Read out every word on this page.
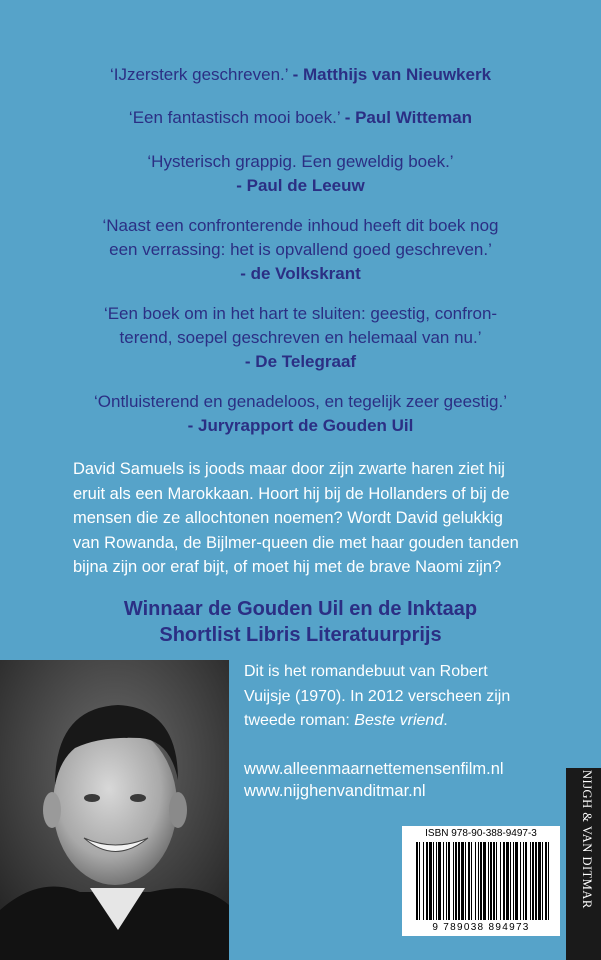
‘IJzersterk geschreven.’ - Matthijs van Nieuwkerk
‘Een fantastisch mooi boek.’ - Paul Witteman
‘Hysterisch grappig. Een geweldig boek.’
- Paul de Leeuw
‘Naast een confronterende inhoud heeft dit boek nog
een verrassing: het is opvallend goed geschreven.’
- de Volkskrant
‘Een boek om in het hart te sluiten: geestig, confron-
terend, soepel geschreven en helemaal van nu.’
- De Telegraaf
‘Ontluisterend en genadeloos, en tegelijk zeer geestig.’
- Juryrapport de Gouden Uil
David Samuels is joods maar door zijn zwarte haren ziet hij
eruit als een Marokkaan. Hoort hij bij de Hollanders of bij de
mensen die ze allochtonen noemen? Wordt David gelukkig
van Rowanda, de Bijlmer-queen die met haar gouden tanden
bijna zijn oor eraf bijt, of moet hij met de brave Naomi zijn?
Winnaar de Gouden Uil en de Inktaap
Shortlist Libris Literatuurprijs
Dit is het romandebuut van Robert
Vuijsje (1970). In 2012 verscheen zijn
tweede roman: Beste vriend.
www.alleenmaarnettemensenfilm.nl
www.nijghenvanditmar.nl
ISBN 978-90-388-9497-3
9 789038 894973
NIJGH & VAN DITMAR
